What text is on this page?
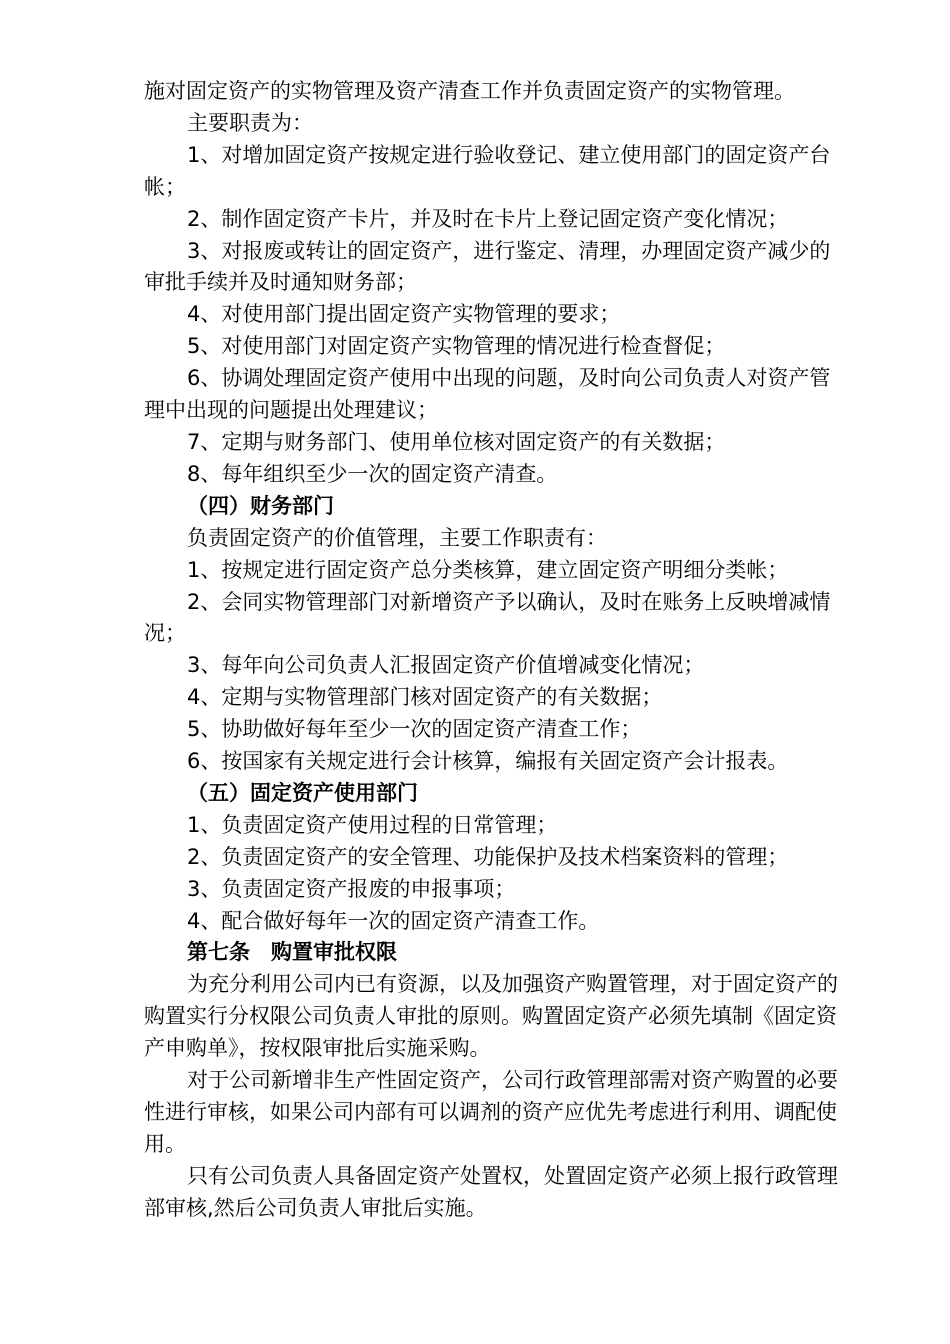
施对固定资产的实物管理及资产清查工作并负责固定资产的实物管理。

主要职责为：

1、对增加固定资产按规定进行验收登记、建立使用部门的固定资产台帐；

2、制作固定资产卡片，并及时在卡片上登记固定资产变化情况；

3、对报废或转让的固定资产，进行鉴定、清理，办理固定资产减少的审批手续并及时通知财务部；

4、对使用部门提出固定资产实物管理的要求；

5、对使用部门对固定资产实物管理的情况进行检查督促；

6、协调处理固定资产使用中出现的问题，及时向公司负责人对资产管理中出现的问题提出处理建议；

7、定期与财务部门、使用单位核对固定资产的有关数据；

8、每年组织至少一次的固定资产清查。

（四）财务部门

负责固定资产的价值管理，主要工作职责有：

1、按规定进行固定资产总分类核算，建立固定资产明细分类帐；

2、会同实物管理部门对新增资产予以确认，及时在账务上反映增减情况；

3、每年向公司负责人汇报固定资产价值增减变化情况；

4、定期与实物管理部门核对固定资产的有关数据；

5、协助做好每年至少一次的固定资产清查工作；

6、按国家有关规定进行会计核算，编报有关固定资产会计报表。

（五）固定资产使用部门

1、负责固定资产使用过程的日常管理；

2、负责固定资产的安全管理、功能保护及技术档案资料的管理；

3、负责固定资产报废的申报事项；

4、配合做好每年一次的固定资产清查工作。

第七条　购置审批权限

为充分利用公司内已有资源，以及加强资产购置管理，对于固定资产的购置实行分权限公司负责人审批的原则。购置固定资产必须先填制《固定资产申购单》，按权限审批后实施采购。

对于公司新增非生产性固定资产，公司行政管理部需对资产购置的必要性进行审核，如果公司内部有可以调剂的资产应优先考虑进行利用、调配使用。

只有公司负责人具备固定资产处置权，处置固定资产必须上报行政管理部审核,然后公司负责人审批后实施。
